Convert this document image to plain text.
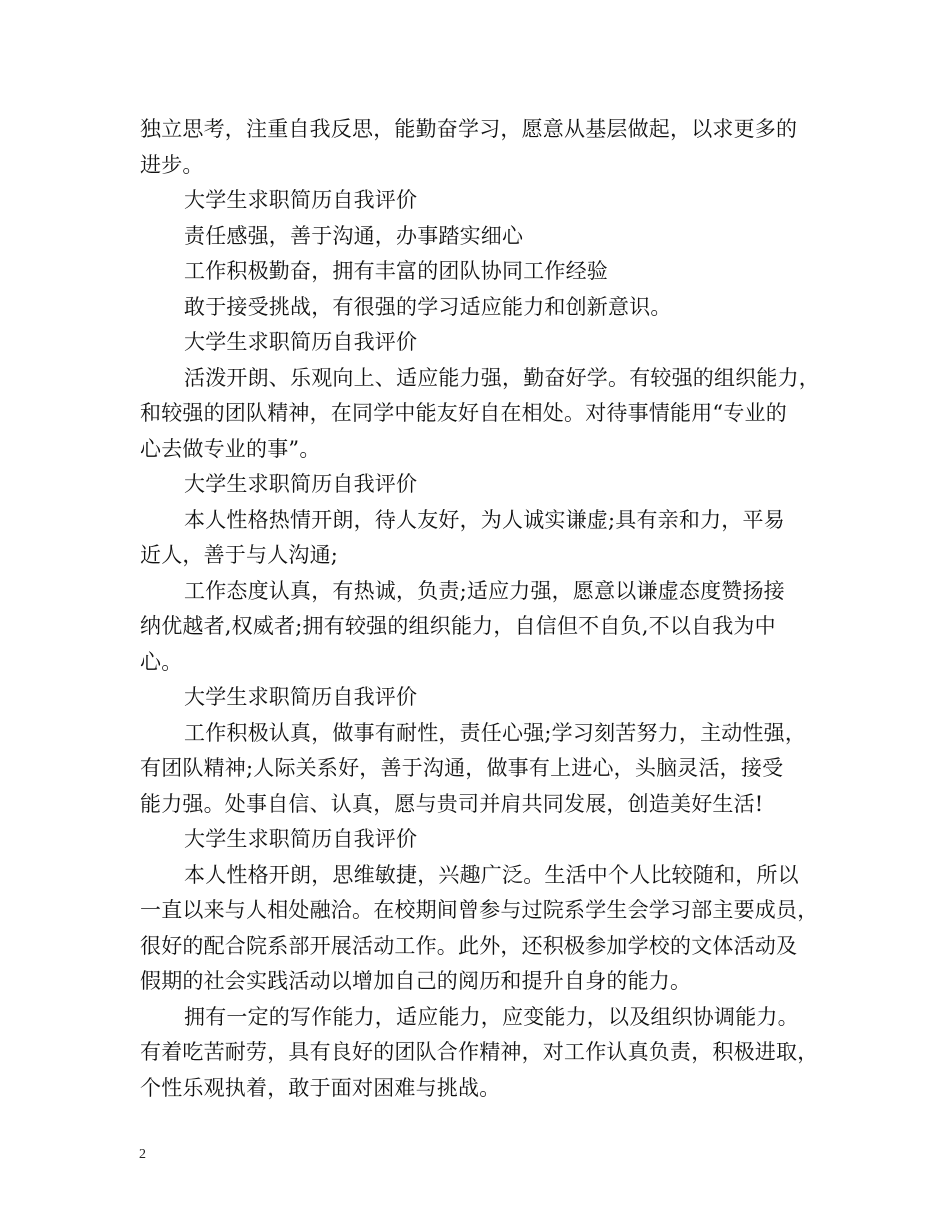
独立思考，注重自我反思，能勤奋学习，愿意从基层做起，以求更多的
进步。
大学生求职简历自我评价
责任感强，善于沟通，办事踏实细心
工作积极勤奋，拥有丰富的团队协同工作经验
敢于接受挑战，有很强的学习适应能力和创新意识。
大学生求职简历自我评价
活泼开朗、乐观向上、适应能力强，勤奋好学。有较强的组织能力，
和较强的团队精神，在同学中能友好自在相处。对待事情能用“专业的
心去做专业的事”。
大学生求职简历自我评价
本人性格热情开朗，待人友好，为人诚实谦虚;具有亲和力，平易
近人，善于与人沟通;
工作态度认真，有热诚，负责;适应力强，愿意以谦虚态度赞扬接
纳优越者,权威者;拥有较强的组织能力，自信但不自负,不以自我为中
心。
大学生求职简历自我评价
工作积极认真，做事有耐性，责任心强;学习刻苦努力，主动性强，
有团队精神;人际关系好，善于沟通，做事有上进心，头脑灵活，接受
能力强。处事自信、认真，愿与贵司并肩共同发展，创造美好生活!
大学生求职简历自我评价
本人性格开朗，思维敏捷，兴趣广泛。生活中个人比较随和，所以
一直以来与人相处融洽。在校期间曾参与过院系学生会学习部主要成员，
很好的配合院系部开展活动工作。此外，还积极参加学校的文体活动及
假期的社会实践活动以增加自己的阅历和提升自身的能力。
拥有一定的写作能力，适应能力，应变能力，以及组织协调能力。
有着吃苦耐劳，具有良好的团队合作精神，对工作认真负责，积极进取，
个性乐观执着，敢于面对困难与挑战。
2
